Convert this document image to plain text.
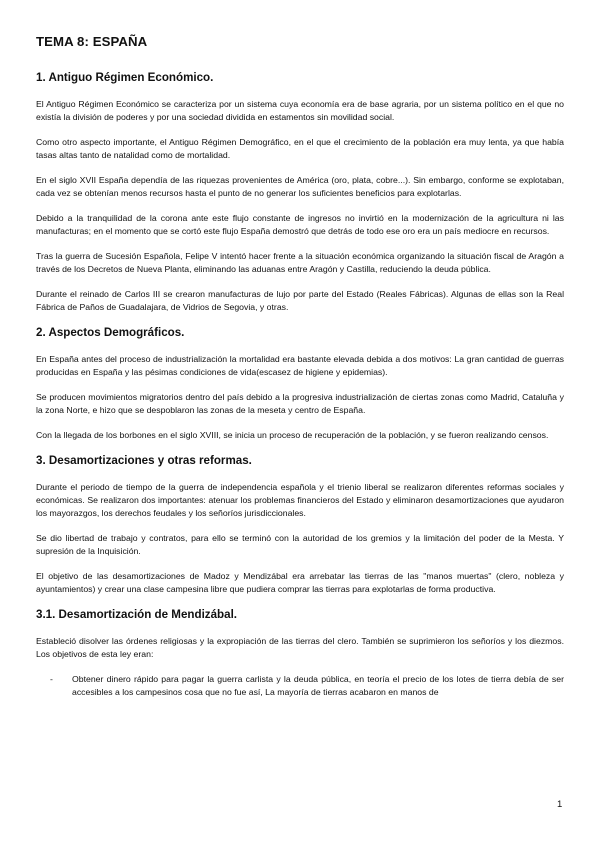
TEMA 8: ESPAÑA
1. Antiguo Régimen Económico.

El Antiguo Régimen Económico se caracteriza por un sistema cuya economía era de base agraria, por un sistema político en el que no existía la división de poderes y por una sociedad dividida en estamentos sin movilidad social.

Como otro aspecto importante, el Antiguo Régimen Demográfico, en el que el crecimiento de la población era muy lenta, ya que había tasas altas tanto de natalidad como de mortalidad.

En el siglo XVII España dependía de las riquezas provenientes de América (oro, plata, cobre...). Sin embargo, conforme se explotaban, cada vez se obtenían menos recursos hasta el punto de no generar los suficientes beneficios para explotarlas.

Debido a la tranquilidad de la corona ante este flujo constante de ingresos no invirtió en la modernización de la agricultura ni las manufacturas; en el momento que se cortó este flujo España demostró que detrás de todo ese oro era un país mediocre en recursos.

Tras la guerra de Sucesión Española, Felipe V intentó hacer frente a la situación económica organizando la situación fiscal de Aragón a través de los Decretos de Nueva Planta, eliminando las aduanas entre Aragón y Castilla, reduciendo la deuda pública.

Durante el reinado de Carlos III se crearon manufacturas de lujo por parte del Estado (Reales Fábricas). Algunas de ellas son la Real Fábrica de Paños de Guadalajara, de Vidrios de Segovia, y otras.

2. Aspectos Demográficos.

En España antes del proceso de industrialización la mortalidad era bastante elevada debida a dos motivos: La gran cantidad de guerras producidas en España y las pésimas condiciones de vida(escasez de higiene y epidemias).

Se producen movimientos migratorios dentro del país debido a la progresiva industrialización de ciertas zonas como Madrid, Cataluña y la zona Norte, e hizo que se despoblaron las zonas de la meseta y centro de España.

Con la llegada de los borbones en el siglo XVIII, se inicia un proceso de recuperación de la población, y se fueron realizando censos.

3. Desamortizaciones y otras reformas.

Durante el periodo de tiempo de la guerra de independencia española y el trienio liberal se realizaron diferentes reformas sociales y económicas. Se realizaron dos importantes: atenuar los problemas financieros del Estado y eliminaron desamortizaciones que ayudaron los mayorazgos, los derechos feudales y los señoríos jurisdiccionales.

Se dio libertad de trabajo y contratos, para ello se terminó con la autoridad de los gremios y la limitación del poder de la Mesta. Y supresión de la Inquisición.

El objetivo de las desamortizaciones de Madoz y Mendizábal era arrebatar las tierras de las "manos muertas" (clero, nobleza y ayuntamientos) y crear una clase campesina libre que pudiera comprar las tierras para explotarlas de forma productiva.

3.1. Desamortización de Mendizábal.

Estableció disolver las órdenes religiosas y la expropiación de las tierras del clero. También se suprimieron los señoríos y los diezmos. Los objetivos de esta ley eran:

- Obtener dinero rápido para pagar la guerra carlista y la deuda pública, en teoría el precio de los lotes de tierra debía de ser accesibles a los campesinos cosa que no fue así, La mayoría de tierras acabaron en manos de
1
